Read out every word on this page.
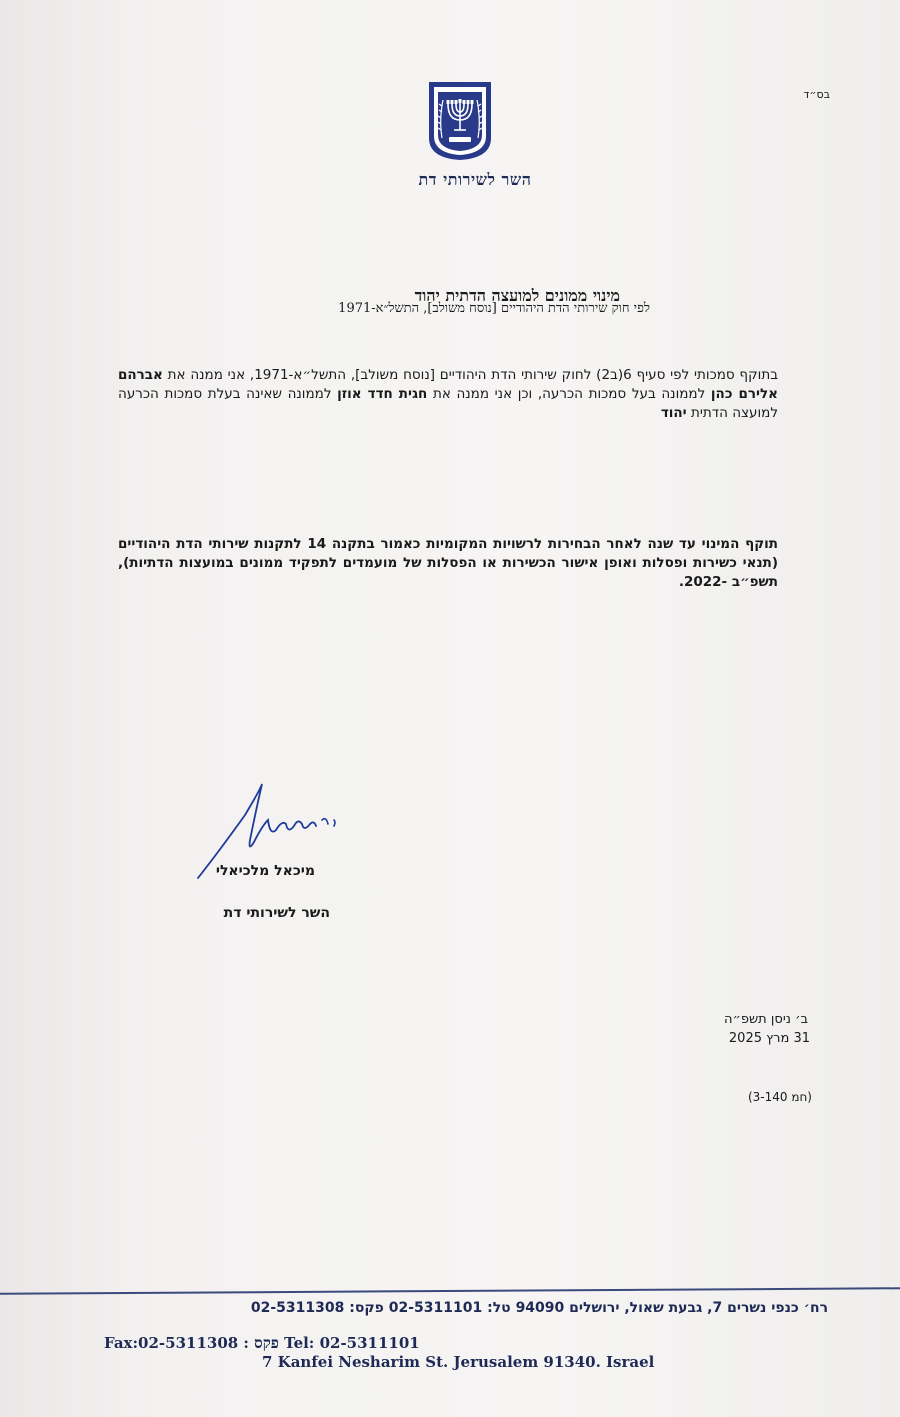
בס״ד
השר לשירותי דת
מינוי ממונים למועצה הדתית יהוד
לפי חוק שירותי הדת היהודיים [נוסח משולב], התשל״א-1971

בתוקף סמכותי לפי סעיף 6(ב2) לחוק שירותי הדת היהודיים [נוסח משולב], התשל״א-1971, אני ממנה את אברהם אלירם כהן לממונה בעל סמכות הכרעה, וכן אני ממנה את חגית חדד אוזן לממונה שאינה בעלת סמכות הכרעה למועצה הדתית יהוד

תוקף המינוי עד שנה לאחר הבחירות לרשויות המקומיות כאמור בתקנה 14 לתקנות שירותי הדת היהודיים (תנאי כשירות ופסלות ואופן אישור הכשירות או הפסלות של מועמדים לתפקיד ממונים במועצות הדתיות), תשפ״ב -2022.

מיכאל מלכיאלי
השר לשירותי דת
ב׳ ניסן תשפ״ה
31 מרץ 2025
(חמ 3-140)
רח׳ כנפי נשרים 7, גבעת שאול, ירושלים 94090 טל: 02-5311101 פקס: 02-5311308
Fax:02-5311308 : פקס Tel: 02-5311101
7 Kanfei Nesharim St. Jerusalem 91340. Israel
